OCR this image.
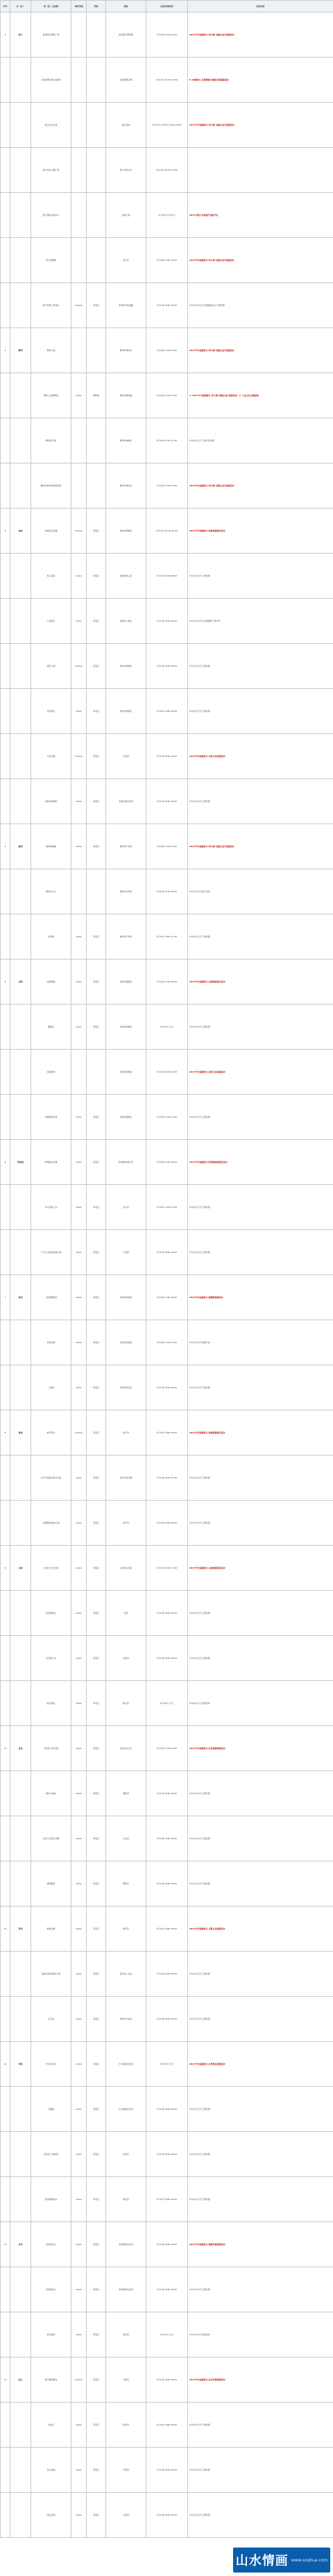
序号	市（区）	景（区）点名称	A级/等级	类别	地址	活动具体时间	活动内容
1	南宁	邕州园艺博览广场			邕州园艺博览园	5月19日 9:00-22:00	2017年中国旅游日·奔小康“把握公园”旅游活动
		北部湾航空城·空港湾			北部湾航空城	5月19日 10:00-17:00	5·19旅游日·北部湾航空城航空体验游活动
		邕江亲水长廊			邕江南岸	5月19日-5月21日 9:00-18:00	2017年中国旅游日·奔小康“把握公园”旅游活动
		南宁市民主题广场			南宁市民中心	5月19日 10:00-17:00	
		南宁国际会展中心			民族大道	5月19日-5月21日	2017年南宁市旅游产品推介会
		南宁园博园			邕宁区	5月19日 9:00-18:00	2017年中国旅游日·奔小康“把握公园”旅游活动
		南宁青秀山风景区	AAAAA	风景区	青秀区凤岭南路	5月19日 8:00-18:00	5月19日当天对全国游客实行门票优惠
2	柳州	柳侯公园			柳州市城中区	5月19日 9:00-17:00	2017年中国旅游日·奔小康“把握公园”旅游活动
		柳州工业博物馆	AAAA	博物馆	柳州市柳东路	5月19日 9:00-17:00	1. 2017年中国旅游日·奔小康“把握公园”旅游活动；2. 工业文化主题展览
		柳州奇石园			柳州市鱼峰区	5月19日 8:30-17:30	5月19日当天门票半价优惠
		柳州市城市规划展览馆			柳州市城中区	5月19日 9:00-17:00	2017年中国旅游日·奔小康“把握公园”旅游活动
3	桂林	桂林两江四湖	AAAAA	风景区	桂林市秀峰区	5月19日 19:30-22:00	2017年中国旅游日·桂林旅游惠民活动
		象山景区	AAAA	风景区	桂林市象山区	5月19日 8:00-18:00	5月19日当天门票优惠
		七星景区	AAAA	风景区	桂林市七星区	5月19日 8:00-18:00	5月19日当天对全国游客门票半价
		靖江王城	AAAAA	风景区	桂林市秀峰区	5月19日 8:00-18:00	5月19日当天门票优惠
		芦笛景区	AAAA	风景区	桂林市秀峰区	5月19日 8:00-18:00	5月19日当天门票优惠
		兴安灵渠	AAAAA	风景区	兴安县	5月19日 8:00-18:00	2017年中国旅游日·灵渠文化旅游活动
		龙胜龙脊梯田	AAAA	风景区	龙胜各族自治县	5月19日 8:00-18:00	5月19日当天门票优惠
4	梧州	梧州骑楼城	AAAA	风景区	梧州市万秀区	5月19日 9:00-17:00	2017年中国旅游日·奔小康“把握公园”旅游活动
		梧州白云山			梧州市长洲区	5月19日 8:00-18:00	5月19日当天登山活动
		龙母庙	AAAA	风景区	梧州市万秀区	5月19日 8:00-17:30	5月19日当天门票优惠
5	北海	北海银滩	AAAA	风景区	北海市银海区	5月19日 9:00-18:00	2017年中国旅游日·北海旅游惠民活动
		涠洲岛	AAAA	风景区	北海市海城区	5月19日 全天	5月19日当天门票优惠
		北海老街			北海市海城区	5月19日 9:00-22:00	2017年中国旅游日·老街文化体验活动
		北海海底世界	AAAA	风景区	北海市银海区	5月19日 9:00-17:00	5月19日当天门票优惠
6	防城港	防城港白浪滩	AAAA	风景区	防城港市港口区	5月19日 9:00-18:00	2017年中国旅游日·防城港旅游惠民活动
		东兴京族三岛	AAAA	风景区	东兴市	5月19日 9:00-17:00	5月19日当天门票优惠
		十万大山国家森林公园	AAAA	风景区	上思县	5月19日 8:00-18:00	5月19日当天门票优惠
7	钦州	三娘湾旅游区	AAAA	风景区	钦州市钦南区	5月19日 9:00-18:00	2017年中国旅游日·观海豚旅游活动
		刘冯故居	AAAA	风景区	钦州市钦南区	5月19日 9:00-17:00	5月19日当天免费开放
		八寨沟	AAAA	风景区	钦州市钦北区	5月19日 8:00-18:00	5月19日当天门票优惠
8	贵港	桂平西山	AAAAA	风景区	桂平市	5月19日 8:00-18:00	2017年中国旅游日·贵港旅游惠民活动
		太平天国金田起义旧址	AAAA	风景区	桂平市金田镇	5月19日 8:00-17:30	5月19日当天门票优惠
		龙潭国家森林公园	AAAA	风景区	桂平市	5月19日 8:00-18:00	5月19日当天门票优惠
9	玉林	玉林云天文化城	AAAA	风景区	玉林市玉州区	5月19日 9:00-17:00	2017年中国旅游日·玉林旅游惠民活动
		容县都峤山	AAAA	风景区	容县	5月19日 8:00-18:00	5月19日当天门票优惠
		北流鬼门关	AAAA	风景区	北流市	5月19日 8:00-18:00	5月19日当天门票优惠
		陆川温泉	AAAA	风景区	陆川县	5月19日 全天	5月19日当天优惠活动
10	百色	百色起义纪念园	AAAA	风景区	百色市右江区	5月19日 9:00-17:00	2017年中国旅游日·红色旅游体验活动
		通灵大峡谷	AAAA	风景区	靖西市	5月19日 8:00-18:00	5月19日当天门票优惠
		乐业大石围天坑群	AAAA	风景区	乐业县	5月19日 8:00-18:00	5月19日当天门票优惠
		靖西鹅泉	AAAA	风景区	靖西市	5月19日 8:00-18:00	5月19日当天门票优惠
11	贺州	黄姚古镇	AAAA	风景区	昭平县	5月19日 8:00-18:00	2017年中国旅游日·古镇文化旅游活动
		姑婆山国家森林公园	AAAA	风景区	贺州市八步区	5月19日 8:00-18:00	5月19日当天门票优惠
		玉石林	AAAA	风景区	贺州市平桂区	5月19日 8:00-18:00	5月19日当天门票优惠
12	河池	巴马长寿村	AAAA	风景区	巴马瑶族自治县	5月19日 全天	2017年中国旅游日·长寿养生旅游活动
		百魔洞	AAAA	风景区	巴马瑶族自治县	5月19日 8:00-18:00	5月19日当天门票优惠
		宜州刘三姐故里	AAAA	风景区	宜州区	5月19日 8:00-18:00	5月19日当天门票优惠
		南丹歌娅思谷	AAAA	风景区	南丹县	5月19日 8:00-18:00	5月19日当天门票优惠
13	来宾	金秀圣堂山	AAAA	风景区	金秀瑶族自治县	5月19日 8:00-18:00	2017年中国旅游日·瑶族风情旅游活动
		金秀莲花山	AAAA	风景区	金秀瑶族自治县	5月19日 8:00-18:00	5月19日当天门票优惠
		象州温泉	AAAA	风景区	象州县	5月19日 全天	5月19日当天优惠活动
14	崇左	德天跨国瀑布	AAAAA	风景区	大新县	5月19日 8:00-18:00	2017年中国旅游日·边关风情旅游活动
		友谊关	AAAA	风景区	凭祥市	5月19日 8:00-18:00	5月19日当天门票优惠
		花山岩画	AAAA	风景区	宁明县	5月19日 8:00-18:00	5月19日当天门票优惠
		明仕田园	AAAA	风景区	大新县	5月19日 8:00-18:00	5月19日当天门票优惠
山水情画 www.sxqhua.com
